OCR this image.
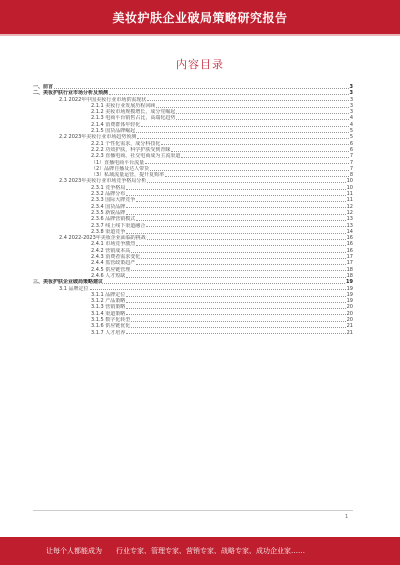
美妆护肤企业破局策略研究报告
内容目录
一、前言	3
二、美妆护肤行业市场分析及预测	3
2.1 2022年中国美妆行业市场供需现状	3
2.1.1 美妆行业发展历程回顾	3
2.1.2 美妆市场规模增长，成分党崛起	3
2.1.3 电商平台销售占比，高端化趋势	4
2.1.4 消费群体年轻化	4
2.1.5 国货品牌崛起	5
2.2 2023年美妆行业市场趋势预测	5
2.2.1 个性化需求，成分科技化	6
2.2.2 功效护肤，科学护肤受到青睐	6
2.2.3 直播电商、社交电商成为主流渠道	7
（1）直播电商平台流量	7
（2）品牌自播及达人带货	7
（3）私域流量运营，提升复购率	8
2.3 2023年美妆行业市场竞争格局分析	10
2.3.1 竞争格局	10
2.3.2 品牌分布	11
2.3.3 国际大牌竞争	11
2.3.4 国货品牌	12
2.3.5 新锐品牌	12
2.3.6 品牌营销模式	13
2.3.7 线上线下渠道融合	13
2.3.8 渠道竞争	14
2.4 2022-2023年美妆企业面临的挑战	16
2.4.1 市场竞争激烈	16
2.4.2 营销成本高	16
2.4.3 消费者需求变化	17
2.4.4 监管政策趋严	17
2.4.5 供应链管理	18
2.4.6 人才短缺	18
三、美妆护肤企业破局策略建议	19
3.1 品牌定位	19
3.1.1 品牌定位	19
3.1.2 产品策略	19
3.1.3 营销策略	20
3.1.4 渠道策略	20
3.1.5 数字化转型	20
3.1.6 供应链优化	21
3.1.7 人才培养	21
1
让每个人都能成为 行业专家、管理专家、营销专家、战略专家、成功企业家……
